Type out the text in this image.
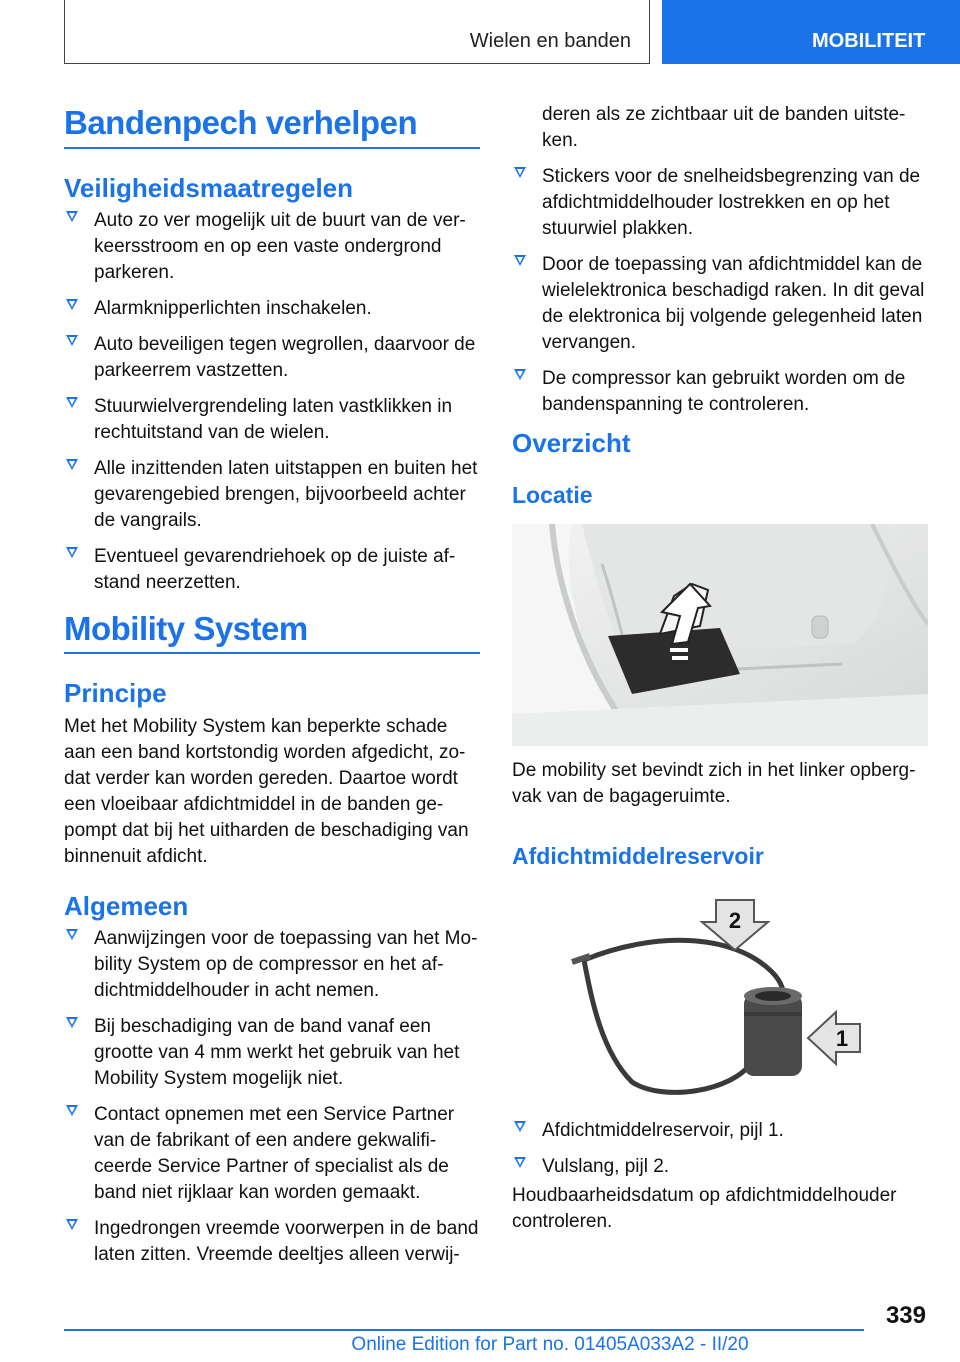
Wielen en banden	MOBILITEIT
Bandenpech verhelpen
Veiligheidsmaatregelen
Auto zo ver mogelijk uit de buurt van de ver-keersstroom en op een vaste ondergrond parkeren.
Alarmknipperlichten inschakelen.
Auto beveiligen tegen wegrollen, daarvoor de parkeerrem vastzetten.
Stuurwielvergrendeling laten vastklikken in rechtuitstand van de wielen.
Alle inzittenden laten uitstappen en buiten het gevarengebied brengen, bijvoorbeeld achter de vangrails.
Eventueel gevarendriehoek op de juiste af-stand neerzetten.
Mobility System
Principe
Met het Mobility System kan beperkte schade aan een band kortstondig worden afgedicht, zo-dat verder kan worden gereden. Daartoe wordt een vloeibaar afdichtmiddel in de banden ge-pompt dat bij het uitharden de beschadiging van binnenuit afdicht.
Algemeen
Aanwijzingen voor de toepassing van het Mo-bility System op de compressor en het af-dichtmiddelhouder in acht nemen.
Bij beschadiging van de band vanaf een grootte van 4 mm werkt het gebruik van het Mobility System mogelijk niet.
Contact opnemen met een Service Partner van de fabrikant of een andere gekwalifi-ceerde Service Partner of specialist als de band niet rijklaar kan worden gemaakt.
Ingedrongen vreemde voorwerpen in de band laten zitten. Vreemde deeltjes alleen verwij-
deren als ze zichtbaar uit de banden uitste-ken.
Stickers voor de snelheidsbegrenzing van de afdichtmiddelhouder lostrekken en op het stuurwiel plakken.
Door de toepassing van afdichtmiddel kan de wielelektronica beschadigd raken. In dit geval de elektronica bij volgende gelegenheid laten vervangen.
De compressor kan gebruikt worden om de bandenspanning te controleren.
Overzicht
Locatie
De mobility set bevindt zich in het linker opberg-vak van de bagageruimte.
Afdichtmiddelreservoir
2
1
Afdichtmiddelreservoir, pijl 1.
Vulslang, pijl 2.
Houdbaarheidsdatum op afdichtmiddelhouder controleren.
339
Online Edition for Part no. 01405A033A2 - II/20
